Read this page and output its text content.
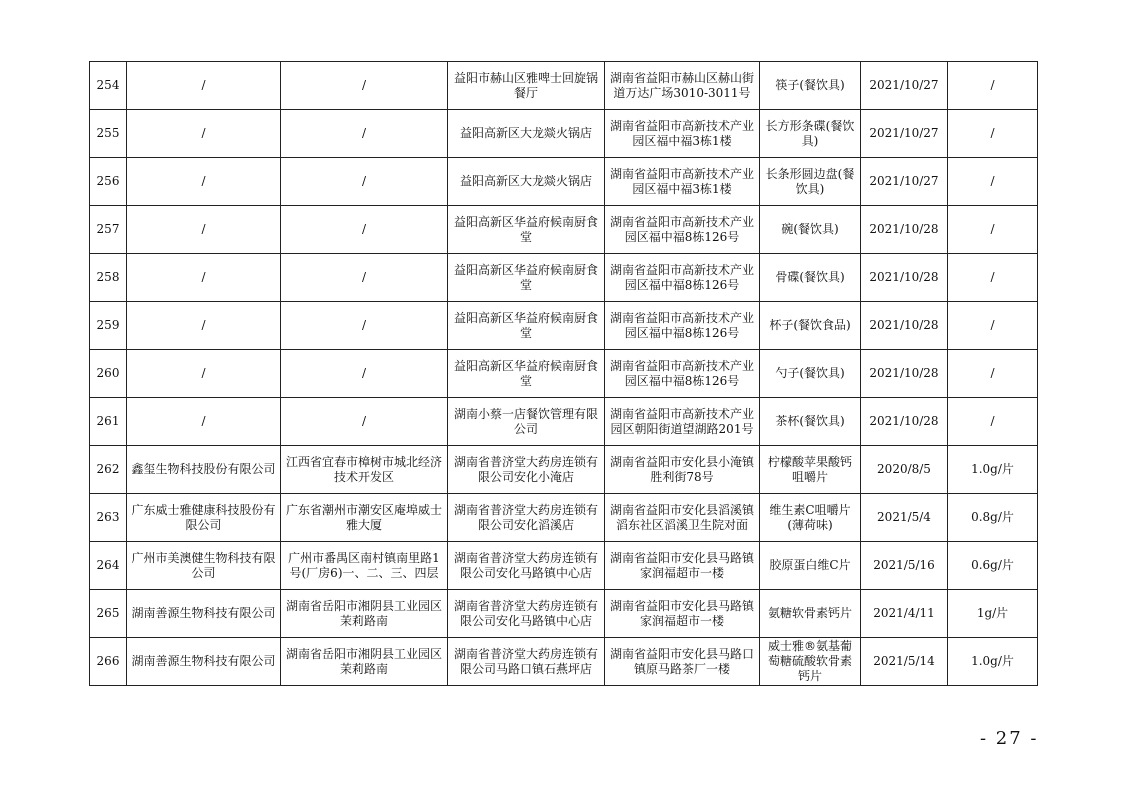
254	/	/	益阳市赫山区雅啤士回旋锅餐厅	湖南省益阳市赫山区赫山街道万达广场3010-3011号	筷子(餐饮具)	2021/10/27	/
255	/	/	益阳高新区大龙燚火锅店	湖南省益阳市高新技术产业园区福中福3栋1楼	长方形条碟(餐饮具)	2021/10/27	/
256	/	/	益阳高新区大龙燚火锅店	湖南省益阳市高新技术产业园区福中福3栋1楼	长条形圆边盘(餐饮具)	2021/10/27	/
257	/	/	益阳高新区华益府候南厨食堂	湖南省益阳市高新技术产业园区福中福8栋126号	碗(餐饮具)	2021/10/28	/
258	/	/	益阳高新区华益府候南厨食堂	湖南省益阳市高新技术产业园区福中福8栋126号	骨碟(餐饮具)	2021/10/28	/
259	/	/	益阳高新区华益府候南厨食堂	湖南省益阳市高新技术产业园区福中福8栋126号	杯子(餐饮食品)	2021/10/28	/
260	/	/	益阳高新区华益府候南厨食堂	湖南省益阳市高新技术产业园区福中福8栋126号	勺子(餐饮具)	2021/10/28	/
261	/	/	湖南小蔡一店餐饮管理有限公司	湖南省益阳市高新技术产业园区朝阳街道望湖路201号	茶杯(餐饮具)	2021/10/28	/
262	鑫玺生物科技股份有限公司	江西省宜春市樟树市城北经济技术开发区	湖南省普济堂大药房连锁有限公司安化小淹店	湖南省益阳市安化县小淹镇胜利街78号	柠檬酸苹果酸钙咀嚼片	2020/8/5	1.0g/片
263	广东威士雅健康科技股份有限公司	广东省潮州市潮安区庵埠威士雅大厦	湖南省普济堂大药房连锁有限公司安化滔溪店	湖南省益阳市安化县滔溪镇滔东社区滔溪卫生院对面	维生素C咀嚼片(薄荷味)	2021/5/4	0.8g/片
264	广州市美澳健生物科技有限公司	广州市番禺区南村镇南里路1号(厂房6)一、二、三、四层	湖南省普济堂大药房连锁有限公司安化马路镇中心店	湖南省益阳市安化县马路镇家润福超市一楼	胶原蛋白维C片	2021/5/16	0.6g/片
265	湖南善源生物科技有限公司	湖南省岳阳市湘阴县工业园区茉莉路南	湖南省普济堂大药房连锁有限公司安化马路镇中心店	湖南省益阳市安化县马路镇家润福超市一楼	氨糖软骨素钙片	2021/4/11	1g/片
266	湖南善源生物科技有限公司	湖南省岳阳市湘阴县工业园区茉莉路南	湖南省普济堂大药房连锁有限公司马路口镇石燕坪店	湖南省益阳市安化县马路口镇原马路茶厂一楼	威士雅®氨基葡萄糖硫酸软骨素钙片	2021/5/14	1.0g/片
- 27 -
